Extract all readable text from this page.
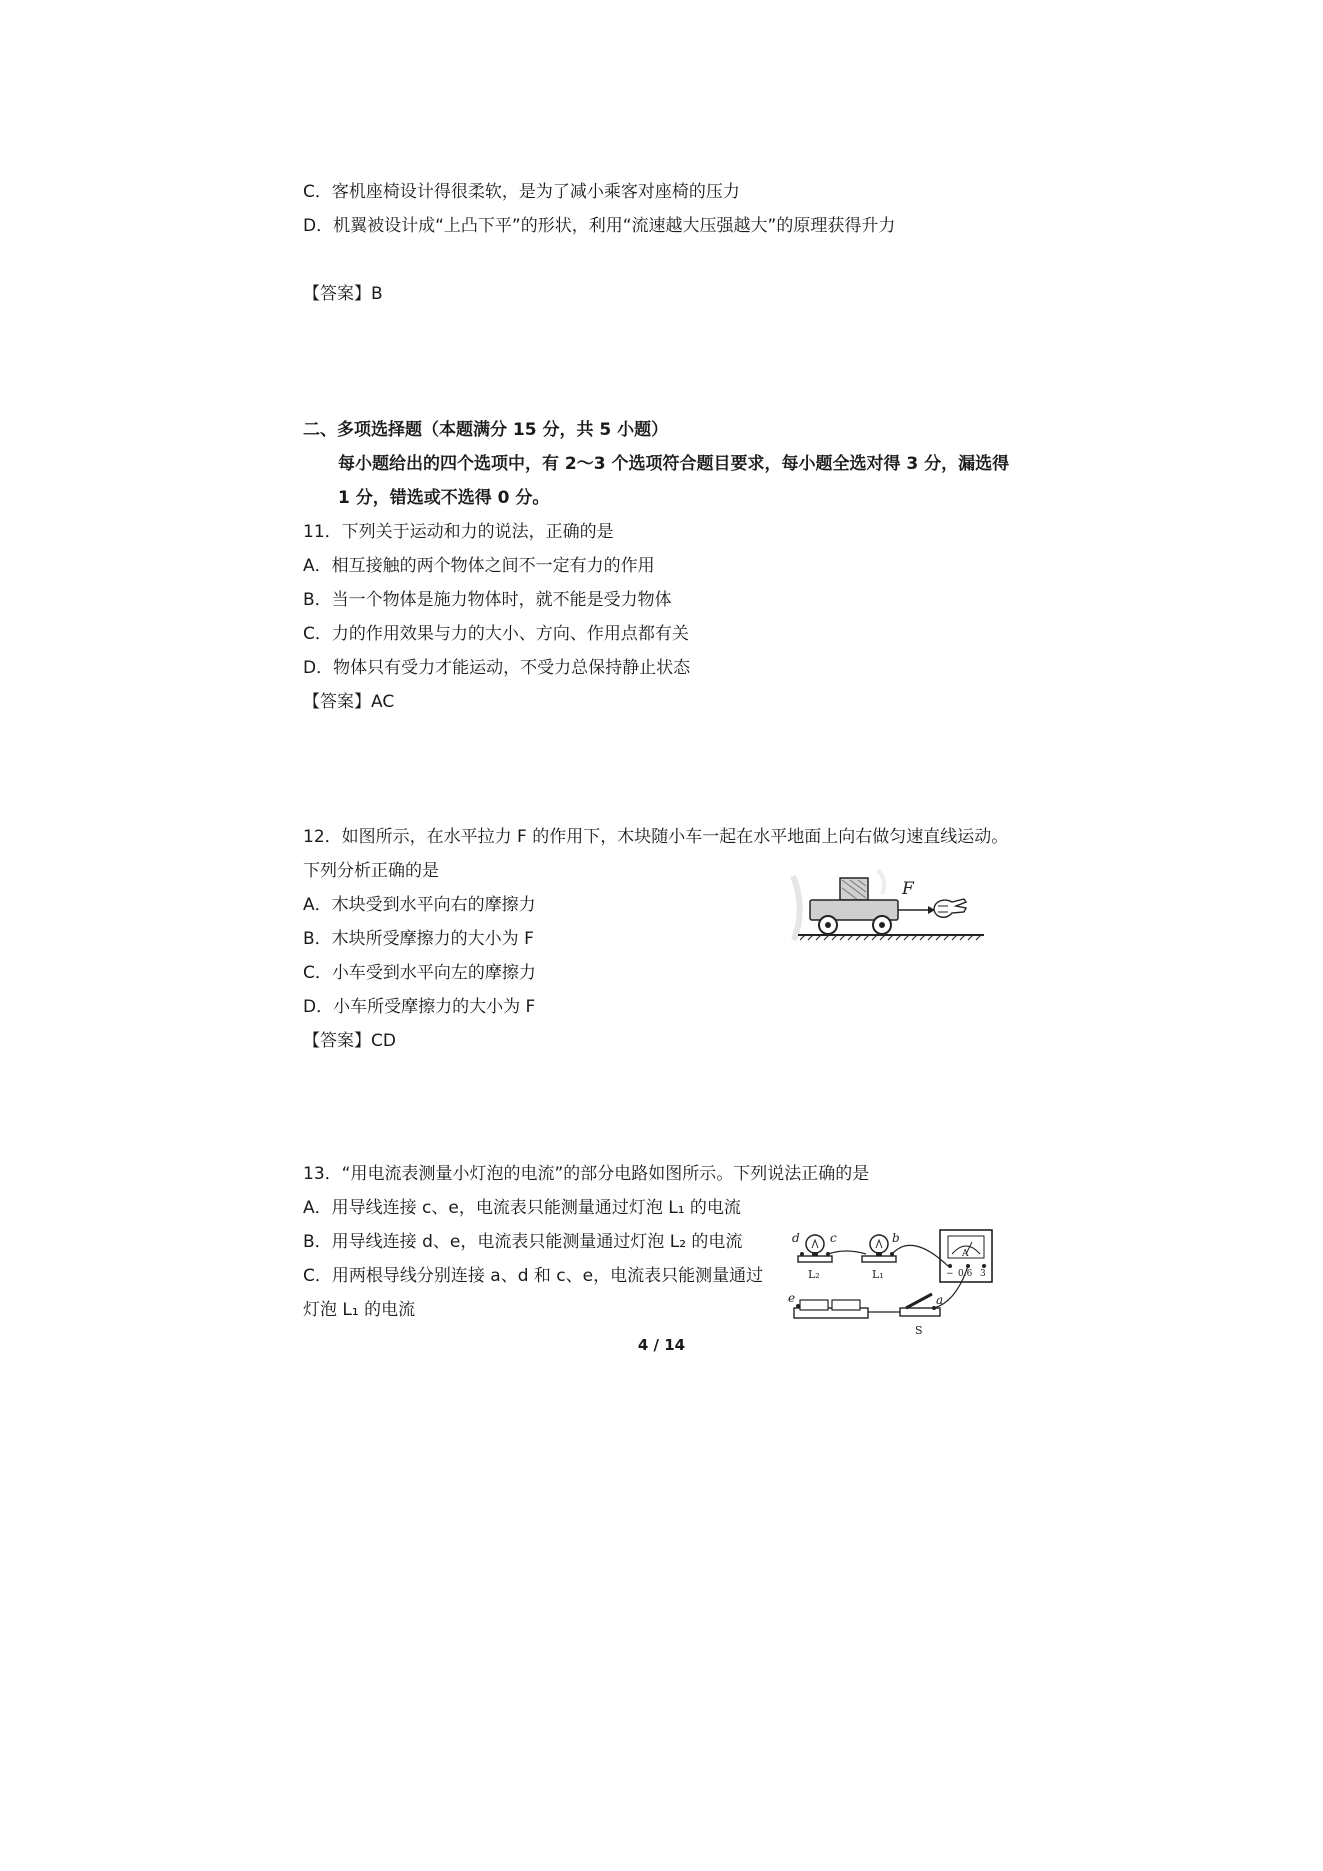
C．客机座椅设计得很柔软，是为了减小乘客对座椅的压力
D．机翼被设计成“上凸下平”的形状，利用“流速越大压强越大”的原理获得升力
【答案】B
二、多项选择题（本题满分 15 分，共 5 小题）
每小题给出的四个选项中，有 2～3 个选项符合题目要求，每小题全选对得 3 分，漏选得
1 分，错选或不选得 0 分。
11．下列关于运动和力的说法，正确的是
A．相互接触的两个物体之间不一定有力的作用
B．当一个物体是施力物体时，就不能是受力物体
C．力的作用效果与力的大小、方向、作用点都有关
D．物体只有受力才能运动，不受力总保持静止状态
【答案】AC
12．如图所示，在水平拉力 F 的作用下，木块随小车一起在水平地面上向右做匀速直线运动。
下列分析正确的是
A．木块受到水平向右的摩擦力
B．木块所受摩擦力的大小为 F
C．小车受到水平向左的摩擦力
D．小车所受摩擦力的大小为 F
【答案】CD
F
13．“用电流表测量小灯泡的电流”的部分电路如图所示。下列说法正确的是
A．用导线连接 c、e，电流表只能测量通过灯泡 L₁ 的电流
B．用导线连接 d、e，电流表只能测量通过灯泡 L₂ 的电流
C．用两根导线分别连接 a、d 和 c、e，电流表只能测量通过
灯泡 L₁ 的电流
A
− 0.6 3
d	c	b
a
e
L₂	L₁
S
4 / 14
